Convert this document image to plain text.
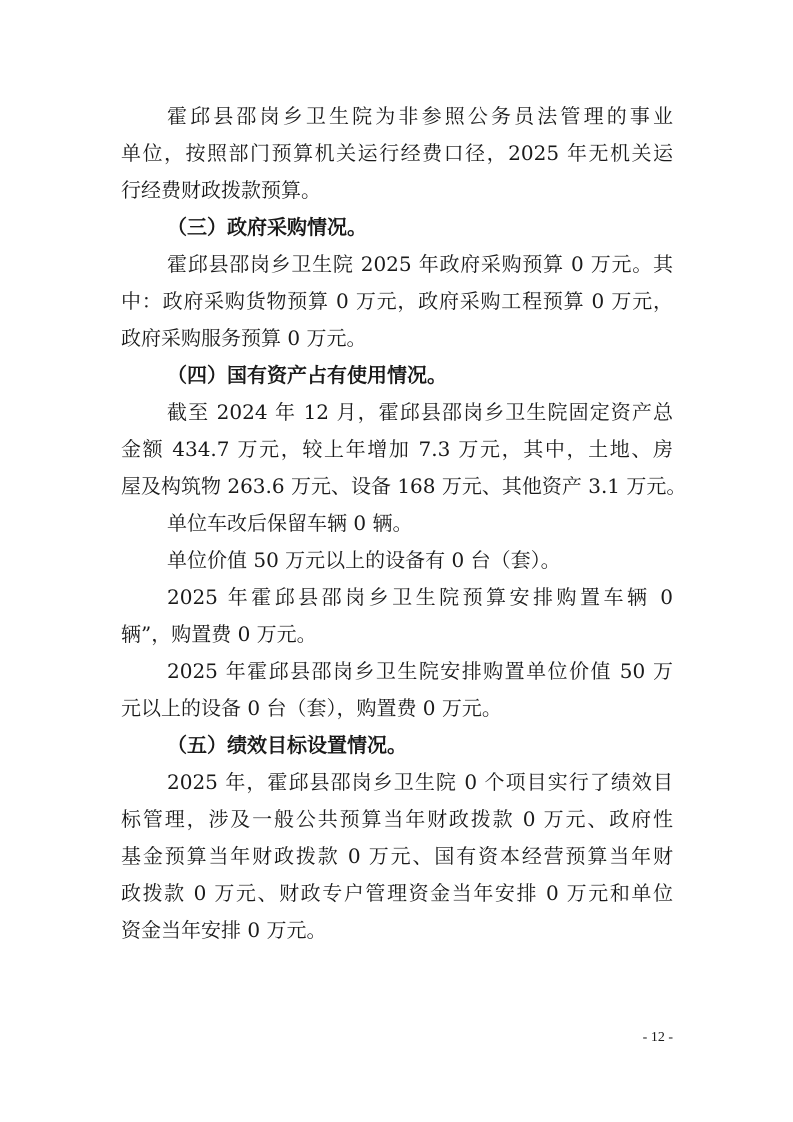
霍邱县邵岗乡卫生院为非参照公务员法管理的事业
单位，按照部门预算机关运行经费口径，2025 年无机关运
行经费财政拨款预算。
（三）政府采购情况。
霍邱县邵岗乡卫生院 2025 年政府采购预算 0 万元。其
中：政府采购货物预算 0 万元，政府采购工程预算 0 万元，
政府采购服务预算 0 万元。
（四）国有资产占有使用情况。
截至 2024 年 12 月，霍邱县邵岗乡卫生院固定资产总
金额 434.7 万元，较上年增加 7.3 万元，其中，土地、房
屋及构筑物 263.6 万元、设备 168 万元、其他资产 3.1 万元。
单位车改后保留车辆 0 辆。
单位价值 50 万元以上的设备有 0 台（套）。
2025 年霍邱县邵岗乡卫生院预算安排购置车辆 0
辆”，购置费 0 万元。
2025 年霍邱县邵岗乡卫生院安排购置单位价值 50 万
元以上的设备 0 台（套），购置费 0 万元。
（五）绩效目标设置情况。
2025 年，霍邱县邵岗乡卫生院 0 个项目实行了绩效目
标管理，涉及一般公共预算当年财政拨款 0 万元、政府性
基金预算当年财政拨款 0 万元、国有资本经营预算当年财
政拨款 0 万元、财政专户管理资金当年安排 0 万元和单位
资金当年安排 0 万元。
- 12 -
